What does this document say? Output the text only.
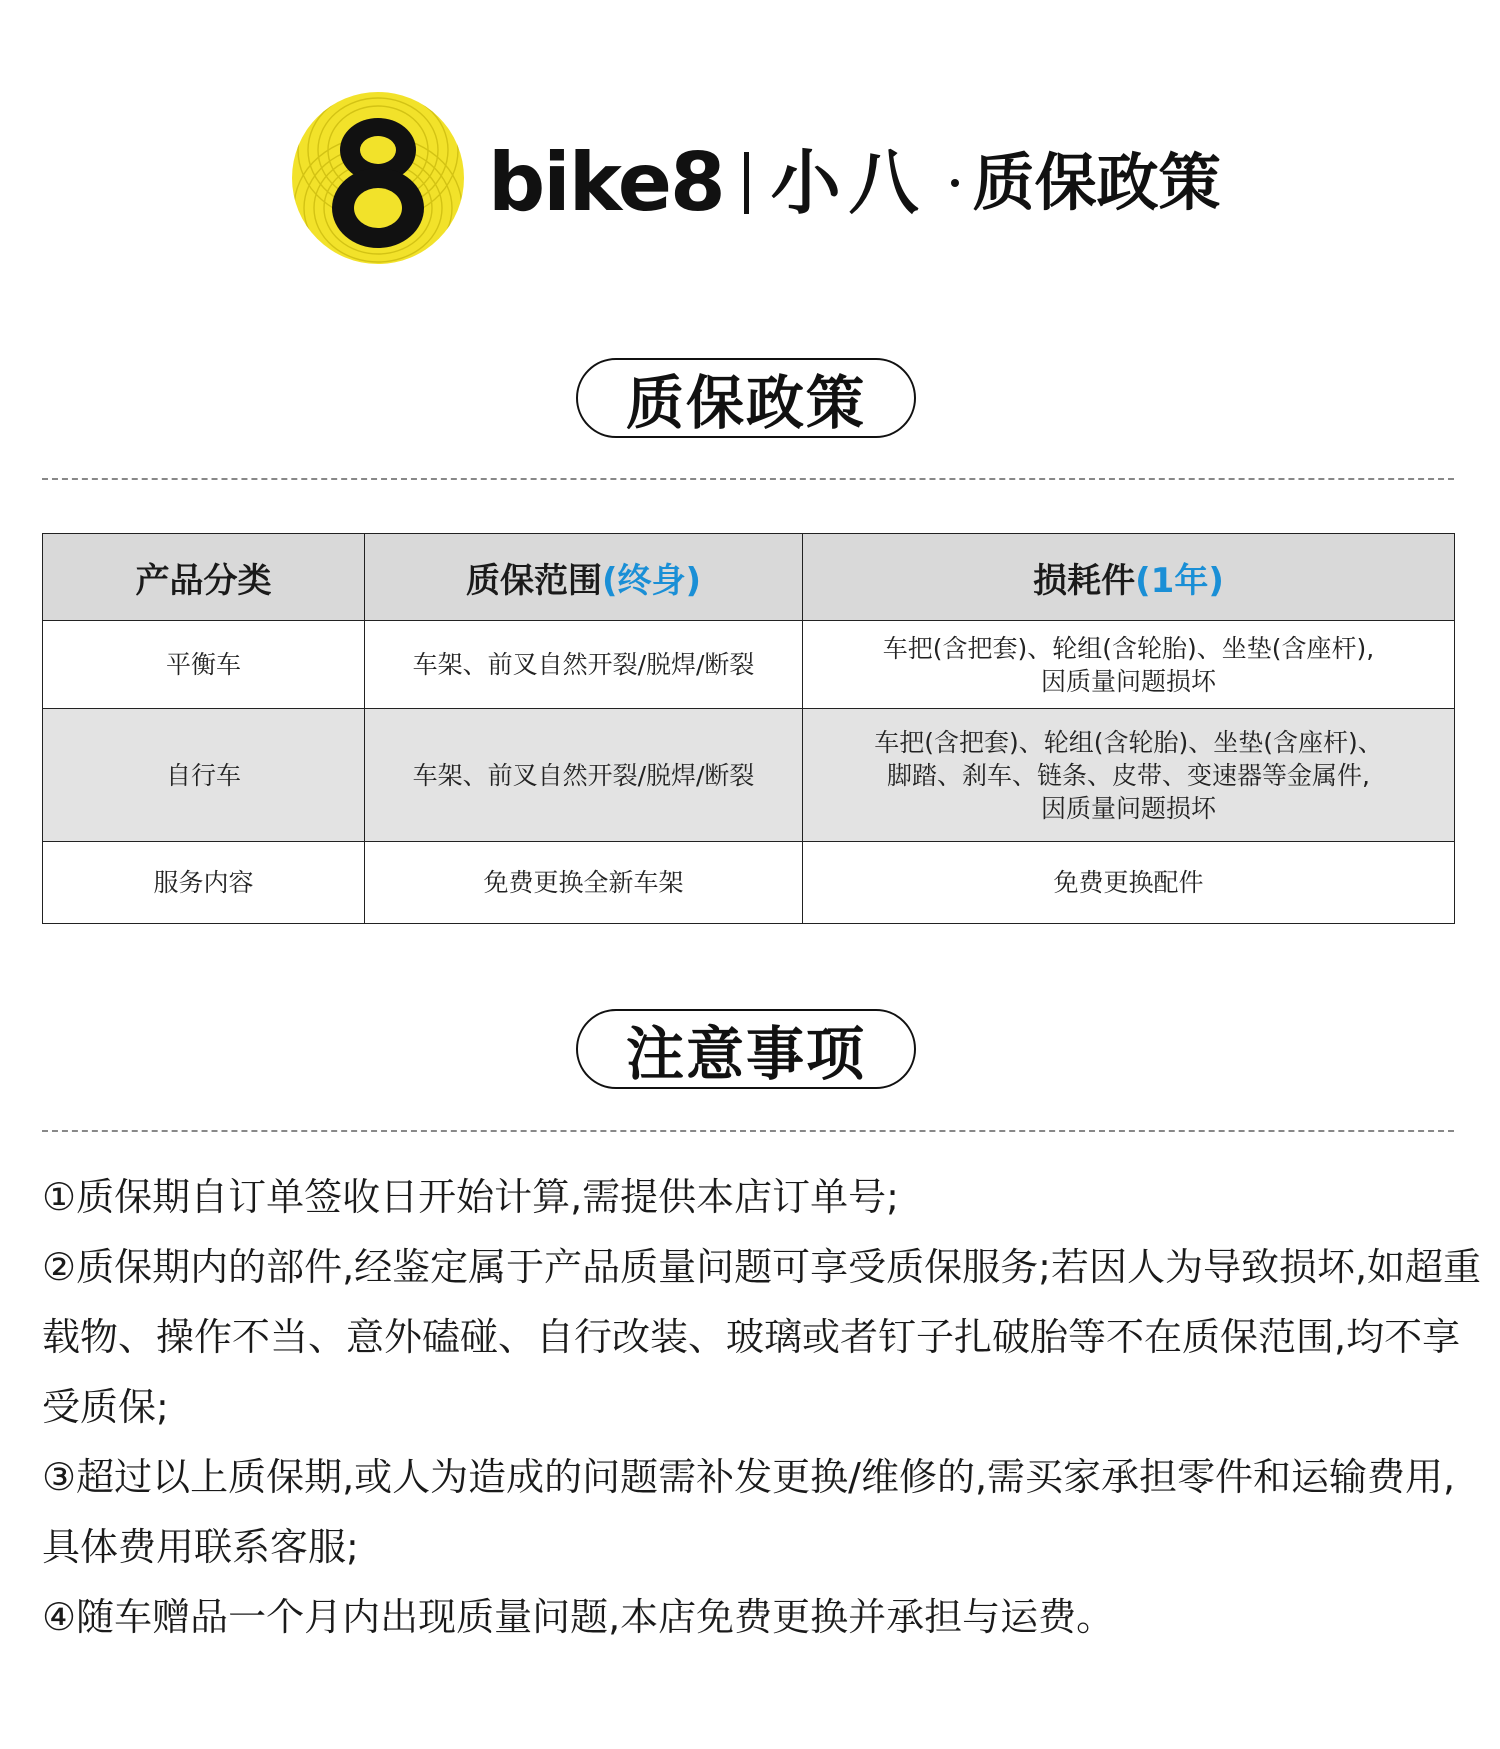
bike8 小八 质保政策
质保政策
产品分类	质保范围(终身)	损耗件(1年)
平衡车	车架、前叉自然开裂/脱焊/断裂	车把(含把套)、轮组(含轮胎)、坐垫(含座杆),
因质量问题损坏

自行车	车架、前叉自然开裂/脱焊/断裂	车把(含把套)、轮组(含轮胎)、坐垫(含座杆)、
脚踏、刹车、链条、皮带、变速器等金属件,
因质量问题损坏

服务内容	免费更换全新车架	免费更换配件
注意事项

①质保期自订单签收日开始计算,需提供本店订单号;

②质保期内的部件,经鉴定属于产品质量问题可享受质保服务;若因人为导致损坏,如超重载物、操作不当、意外磕碰、自行改装、玻璃或者钉子扎破胎等不在质保范围,均不享受质保;

③超过以上质保期,或人为造成的问题需补发更换/维修的,需买家承担零件和运输费用,具体费用联系客服;

④随车赠品一个月内出现质量问题,本店免费更换并承担与运费。
